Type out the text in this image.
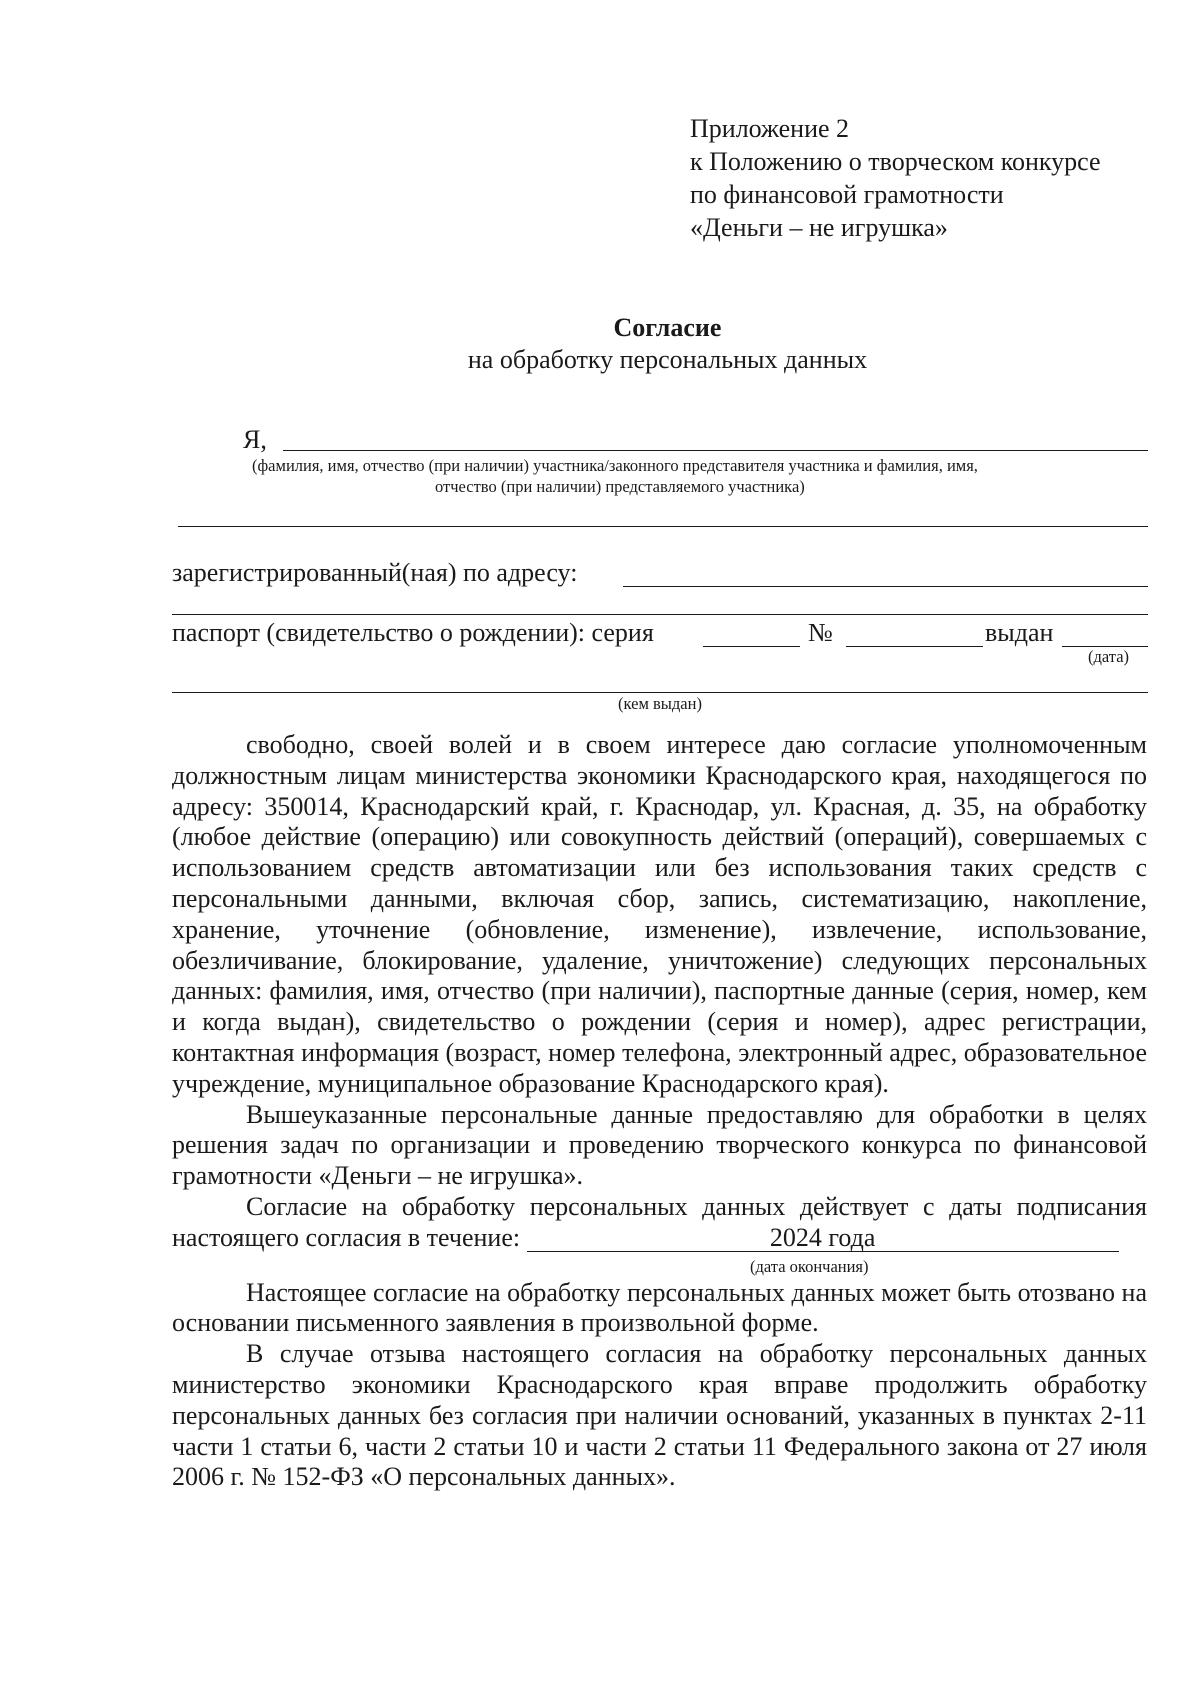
Приложение 2
к Положению о творческом конкурсе
по финансовой грамотности
«Деньги – не игрушка»
Согласие
на обработку персональных данных
Я,
(фамилия, имя, отчество (при наличии) участника/законного представителя участника и фамилия, имя,
отчество (при наличии) представляемого участника)
зарегистрированный(ная) по адресу:
паспорт (свидетельство о рождении): серия	№	выдан
(дата)
(кем выдан)

свободно, своей волей и в своем интересе даю согласие уполномоченным должностным лицам министерства экономики Краснодарского края, находящегося по адресу: 350014, Краснодарский край, г. Краснодар, ул. Красная, д. 35, на обработку (любое действие (операцию) или совокупность действий (операций), совершаемых с использованием средств автоматизации или без использования таких средств с персональными данными, включая сбор, запись, систематизацию, накопление, хранение, уточнение (обновление, изменение), извлечение, использование, обезличивание, блокирование, удаление, уничтожение) следующих персональных данных: фамилия, имя, отчество (при наличии), паспортные данные (серия, номер, кем и когда выдан), свидетельство о рождении (серия и номер), адрес регистрации, контактная информация (возраст, номер телефона, электронный адрес, образовательное учреждение, муниципальное образование Краснодарского края).

Вышеуказанные персональные данные предоставляю для обработки в целях решения задач по организации и проведению творческого конкурса по финансовой грамотности «Деньги – не игрушка».

Согласие на обработку персональных данных действует с даты подписания настоящего согласия в течение:	2024 года

(дата окончания)

Настоящее согласие на обработку персональных данных может быть отозвано на основании письменного заявления в произвольной форме.

В случае отзыва настоящего согласия на обработку персональных данных министерство экономики Краснодарского края вправе продолжить обработку персональных данных без согласия при наличии оснований, указанных в пунктах 2-11 части 1 статьи 6, части 2 статьи 10 и части 2 статьи 11 Федерального закона от 27 июля 2006 г. № 152-ФЗ «О персональных данных».
